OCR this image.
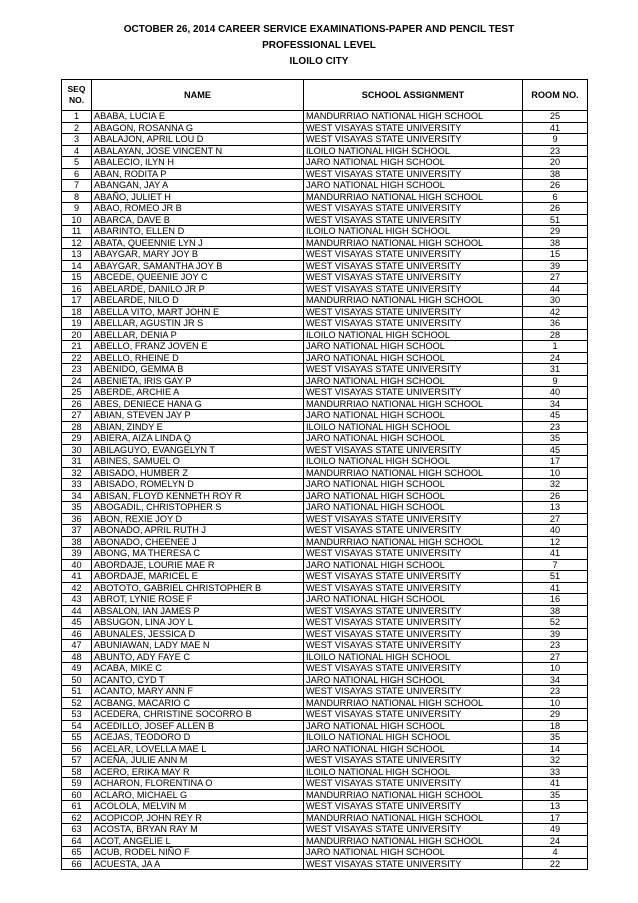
OCTOBER 26, 2014 CAREER SERVICE EXAMINATIONS-PAPER AND PENCIL TEST
PROFESSIONAL LEVEL
ILOILO CITY
SEQ
NO.	NAME	SCHOOL ASSIGNMENT	ROOM NO.
1	ABABA, LUCIA E	MANDURRIAO NATIONAL HIGH SCHOOL	25
2	ABAGON, ROSANNA G	WEST VISAYAS STATE UNIVERSITY	41
3	ABALAJON, APRIL LOU D	WEST VISAYAS STATE UNIVERSITY	9
4	ABALAYAN, JOSE VINCENT N	ILOILO NATIONAL HIGH SCHOOL	23
5	ABALECIO, ILYN H	JARO NATIONAL HIGH SCHOOL	20
6	ABAN, RODITA P	WEST VISAYAS STATE UNIVERSITY	38
7	ABANGAN, JAY A	JARO NATIONAL HIGH SCHOOL	26
8	ABAÑO, JULIET H	MANDURRIAO NATIONAL HIGH SCHOOL	6
9	ABAO, ROMEO JR B	WEST VISAYAS STATE UNIVERSITY	26
10	ABARCA, DAVE B	WEST VISAYAS STATE UNIVERSITY	51
11	ABARINTO, ELLEN D	ILOILO NATIONAL HIGH SCHOOL	29
12	ABATA, QUEENNIE LYN J	MANDURRIAO NATIONAL HIGH SCHOOL	38
13	ABAYGAR, MARY JOY B	WEST VISAYAS STATE UNIVERSITY	15
14	ABAYGAR, SAMANTHA JOY B	WEST VISAYAS STATE UNIVERSITY	39
15	ABCEDE, QUEENIE JOY C	WEST VISAYAS STATE UNIVERSITY	27
16	ABELARDE, DANILO JR P	WEST VISAYAS STATE UNIVERSITY	44
17	ABELARDE, NILO D	MANDURRIAO NATIONAL HIGH SCHOOL	30
18	ABELLA VITO, MART JOHN E	WEST VISAYAS STATE UNIVERSITY	42
19	ABELLAR, AGUSTIN JR S	WEST VISAYAS STATE UNIVERSITY	36
20	ABELLAR, DENIA P	ILOILO NATIONAL HIGH SCHOOL	28
21	ABELLO, FRANZ JOVEN E	JARO NATIONAL HIGH SCHOOL	1
22	ABELLO, RHEINE D	JARO NATIONAL HIGH SCHOOL	24
23	ABENIDO, GEMMA B	WEST VISAYAS STATE UNIVERSITY	31
24	ABENIETA, IRIS GAY P	JARO NATIONAL HIGH SCHOOL	9
25	ABERDE, ARCHIE A	WEST VISAYAS STATE UNIVERSITY	40
26	ABES, DENIECE HANA G	MANDURRIAO NATIONAL HIGH SCHOOL	34
27	ABIAN, STEVEN JAY P	JARO NATIONAL HIGH SCHOOL	45
28	ABIAN, ZINDY E	ILOILO NATIONAL HIGH SCHOOL	23
29	ABIERA, AIZA LINDA Q	JARO NATIONAL HIGH SCHOOL	35
30	ABILAGUYO, EVANGELYN T	WEST VISAYAS STATE UNIVERSITY	45
31	ABINES, SAMUEL O	ILOILO NATIONAL HIGH SCHOOL	17
32	ABISADO, HUMBER Z	MANDURRIAO NATIONAL HIGH SCHOOL	10
33	ABISADO, ROMELYN D	JARO NATIONAL HIGH SCHOOL	32
34	ABISAN, FLOYD KENNETH ROY R	JARO NATIONAL HIGH SCHOOL	26
35	ABOGADIL, CHRISTOPHER S	JARO NATIONAL HIGH SCHOOL	13
36	ABON, REXIE JOY D	WEST VISAYAS STATE UNIVERSITY	27
37	ABONADO, APRIL RUTH J	WEST VISAYAS STATE UNIVERSITY	40
38	ABONADO, CHEENEE J	MANDURRIAO NATIONAL HIGH SCHOOL	12
39	ABONG, MA THERESA C	WEST VISAYAS STATE UNIVERSITY	41
40	ABORDAJE, LOURIE MAE R	JARO NATIONAL HIGH SCHOOL	7
41	ABORDAJE, MARICEL E	WEST VISAYAS STATE UNIVERSITY	51
42	ABOTOTO, GABRIEL CHRISTOPHER B	WEST VISAYAS STATE UNIVERSITY	41
43	ABROT, LYNIE ROSE F	JARO NATIONAL HIGH SCHOOL	16
44	ABSALON, IAN JAMES P	WEST VISAYAS STATE UNIVERSITY	38
45	ABSUGON, LINA JOY L	WEST VISAYAS STATE UNIVERSITY	52
46	ABUNALES, JESSICA D	WEST VISAYAS STATE UNIVERSITY	39
47	ABUNIAWAN, LADY MAE N	WEST VISAYAS STATE UNIVERSITY	23
48	ABUNTO, ADY FAYE C	ILOILO NATIONAL HIGH SCHOOL	27
49	ACABA, MIKE C	WEST VISAYAS STATE UNIVERSITY	10
50	ACANTO, CYD T	JARO NATIONAL HIGH SCHOOL	34
51	ACANTO, MARY ANN F	WEST VISAYAS STATE UNIVERSITY	23
52	ACBANG, MACARIO C	MANDURRIAO NATIONAL HIGH SCHOOL	10
53	ACEDERA, CHRISTINE SOCORRO B	WEST VISAYAS STATE UNIVERSITY	29
54	ACEDILLO, JOSEF ALLEN B	JARO NATIONAL HIGH SCHOOL	18
55	ACEJAS, TEODORO D	ILOILO NATIONAL HIGH SCHOOL	35
56	ACELAR, LOVELLA MAE L	JARO NATIONAL HIGH SCHOOL	14
57	ACEÑA, JULIE ANN M	WEST VISAYAS STATE UNIVERSITY	32
58	ACERO, ERIKA MAY R	ILOILO NATIONAL HIGH SCHOOL	33
59	ACHARON, FLORENTINA O	WEST VISAYAS STATE UNIVERSITY	41
60	ACLARO, MICHAEL G	MANDURRIAO NATIONAL HIGH SCHOOL	35
61	ACOLOLA, MELVIN M	WEST VISAYAS STATE UNIVERSITY	13
62	ACOPICOP, JOHN REY R	MANDURRIAO NATIONAL HIGH SCHOOL	17
63	ACOSTA, BRYAN RAY M	WEST VISAYAS STATE UNIVERSITY	49
64	ACOT, ANGELIE L	MANDURRIAO NATIONAL HIGH SCHOOL	24
65	ACUB, RODEL NIÑO F	JARO NATIONAL HIGH SCHOOL	4
66	ACUESTA, JA A	WEST VISAYAS STATE UNIVERSITY	22
